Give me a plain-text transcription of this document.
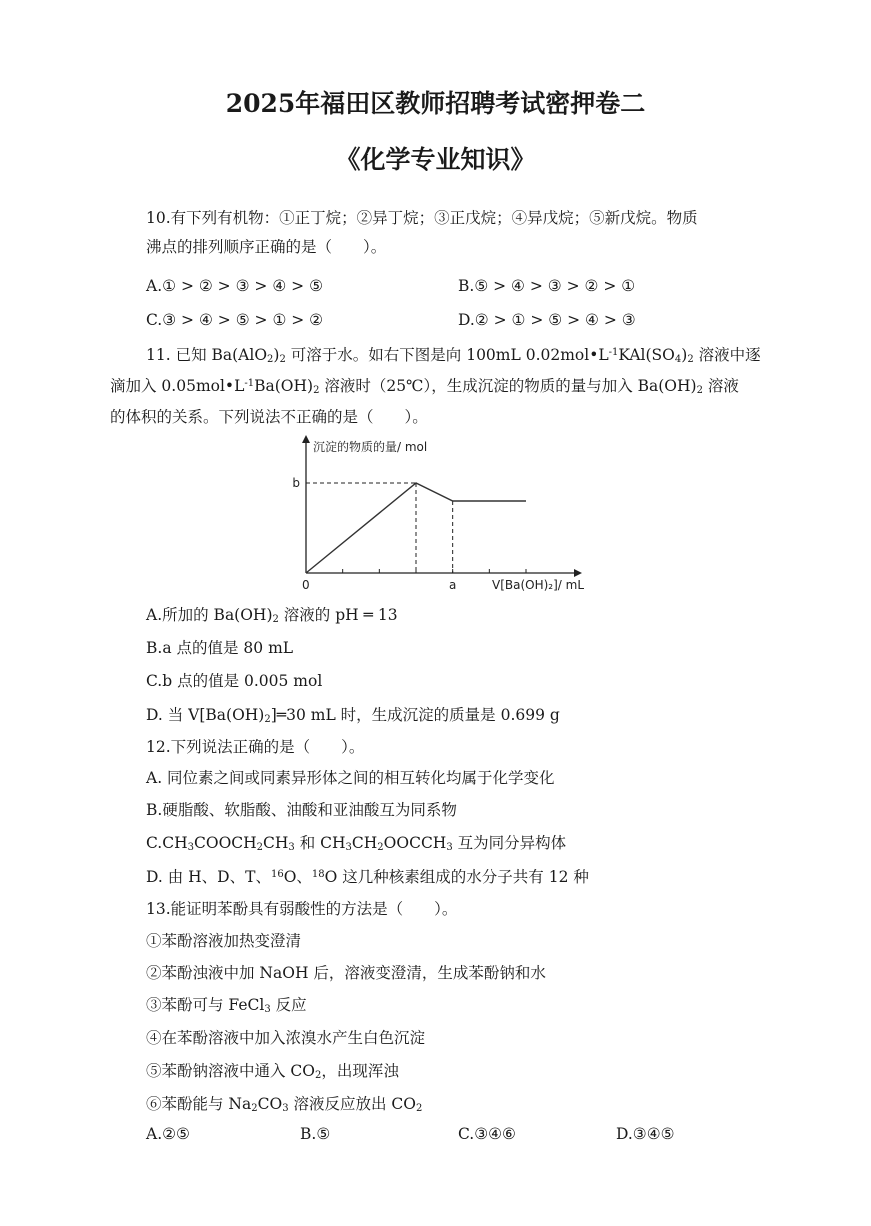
2025年福田区教师招聘考试密押卷二
《化学专业知识》

10.有下列有机物：①正丁烷；②异丁烷；③正戊烷；④异戊烷；⑤新戊烷。物质

沸点的排列顺序正确的是（　　）。

A.① > ② > ③ > ④ > ⑤	B.⑤ > ④ > ③ > ② > ①
C.③ > ④ > ⑤ > ① > ②	D.② > ① > ⑤ > ④ > ③

11. 已知 $Ba(AlO_2)_2$ 可溶于水。如右下图是向 100mL $0.02mol•L^{-1}KAl(SO_4)_2$ 溶液中逐

滴加入 $0.05mol•L^{-1}Ba(OH)_2$ 溶液时（25℃），生成沉淀的物质的量与加入 $Ba(OH)_2$ 溶液

的体积的关系。下列说法不正确的是（　　）。

沉淀的物质的量/ mol
b
0	a	V[Ba(OH)₂]/ mL

A.所加的 $Ba(OH)_2$ 溶液的 pH ═ 13

B.a 点的值是 80 mL

C.b 点的值是 0.005 mol

D. 当 $V[Ba(OH)_2]═30$ mL 时，生成沉淀的质量是 0.699 g

12.下列说法正确的是（　　）。

A. 同位素之间或同素异形体之间的相互转化均属于化学变化

B.硬脂酸、软脂酸、油酸和亚油酸互为同系物

$C.CH_3COOCH_2CH_3$ 和 $CH_3CH_2OOCCH_3$ 互为同分异构体

D. 由 H、D、T、$^{16}$O、$^{18}$O 这几种核素组成的水分子共有 12 种

13.能证明苯酚具有弱酸性的方法是（　　）。

①苯酚溶液加热变澄清

②苯酚浊液中加 NaOH 后，溶液变澄清，生成苯酚钠和水

③苯酚可与 FeCl$_3$ 反应

④在苯酚溶液中加入浓溴水产生白色沉淀

⑤苯酚钠溶液中通入 $CO_2$，出现浑浊

⑥苯酚能与 $Na_2CO_3$ 溶液反应放出 $CO_2$

A.②⑤	B.⑤	C.③④⑥	D.③④⑤
